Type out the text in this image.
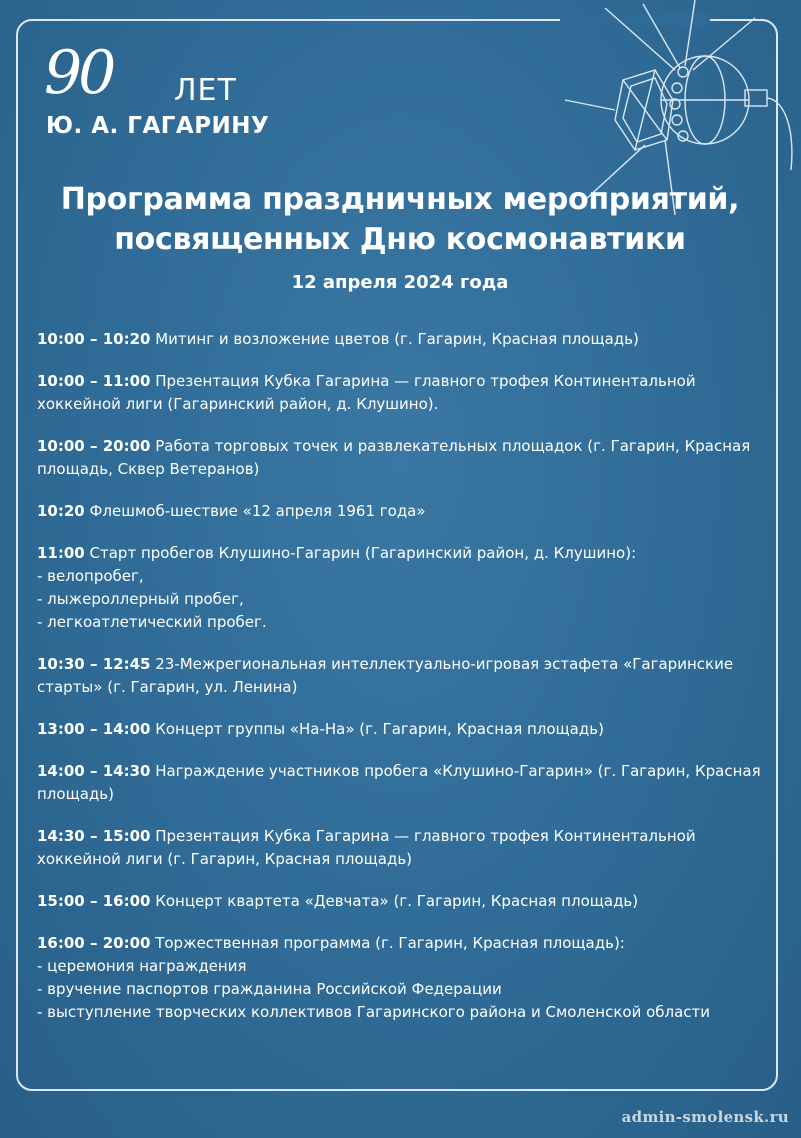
90 ЛЕТ
Ю. А. ГАГАРИНУ
Программа праздничных мероприятий,
посвященных Дню космонавтики
12 апреля 2024 года
10:00 – 10:20 Митинг и возложение цветов (г. Гагарин, Красная площадь)
10:00 – 11:00 Презентация Кубка Гагарина — главного трофея Континентальной хоккейной лиги (Гагаринский район, д. Клушино).
10:00 – 20:00 Работа торговых точек и развлекательных площадок (г. Гагарин, Красная площадь, Сквер Ветеранов)
10:20 Флешмоб-шествие «12 апреля 1961 года»
11:00 Старт пробегов Клушино-Гагарин (Гагаринский район, д. Клушино):
- велопробег,
- лыжероллерный пробег,
- легкоатлетический пробег.
10:30 – 12:45 23-Межрегиональная интеллектуально-игровая эстафета «Гагаринские старты» (г. Гагарин, ул. Ленина)
13:00 – 14:00 Концерт группы «На-На» (г. Гагарин, Красная площадь)
14:00 – 14:30 Награждение участников пробега «Клушино-Гагарин» (г. Гагарин, Красная площадь)
14:30 – 15:00 Презентация Кубка Гагарина — главного трофея Континентальной хоккейной лиги (г. Гагарин, Красная площадь)
15:00 – 16:00 Концерт квартета «Девчата» (г. Гагарин, Красная площадь)
16:00 – 20:00 Торжественная программа (г. Гагарин, Красная площадь):
- церемония награждения
- вручение паспортов гражданина Российской Федерации
- выступление творческих коллективов Гагаринского района и Смоленской области
admin-smolensk.ru
